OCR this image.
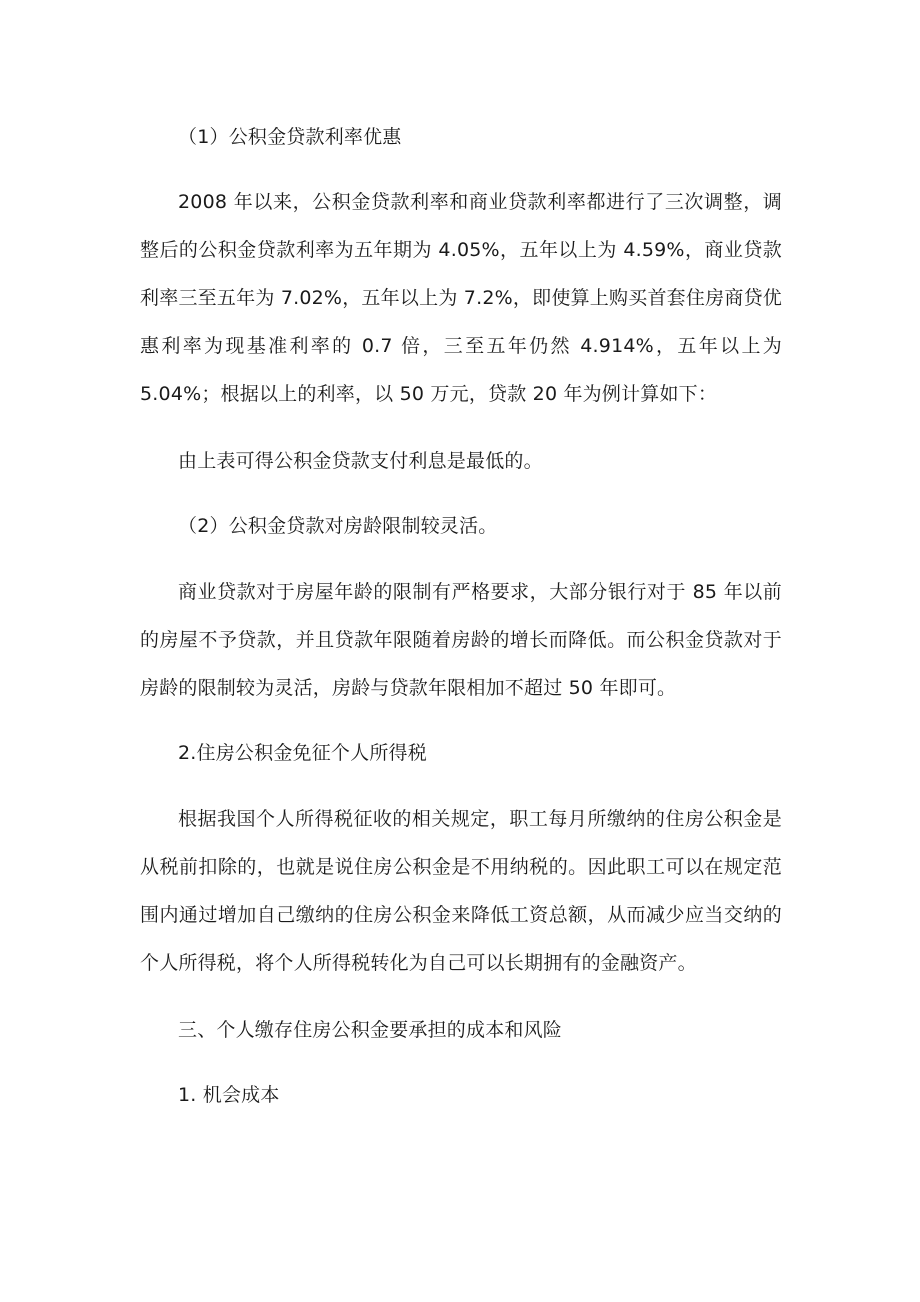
（1）公积金贷款利率优惠

2008 年以来，公积金贷款利率和商业贷款利率都进行了三次调整，调整后的公积金贷款利率为五年期为 4.05%，五年以上为 4.59%，商业贷款利率三至五年为 7.02%，五年以上为 7.2%，即使算上购买首套住房商贷优惠利率为现基准利率的 0.7 倍，三至五年仍然 4.914%，五年以上为 5.04%；根据以上的利率，以 50 万元，贷款 20 年为例计算如下：

由上表可得公积金贷款支付利息是最低的。

（2）公积金贷款对房龄限制较灵活。

商业贷款对于房屋年龄的限制有严格要求，大部分银行对于 85 年以前的房屋不予贷款，并且贷款年限随着房龄的增长而降低。而公积金贷款对于房龄的限制较为灵活，房龄与贷款年限相加不超过 50 年即可。

2.住房公积金免征个人所得税

根据我国个人所得税征收的相关规定，职工每月所缴纳的住房公积金是从税前扣除的，也就是说住房公积金是不用纳税的。因此职工可以在规定范围内通过增加自己缴纳的住房公积金来降低工资总额，从而减少应当交纳的个人所得税，将个人所得税转化为自己可以长期拥有的金融资产。

三、个人缴存住房公积金要承担的成本和风险

1. 机会成本
